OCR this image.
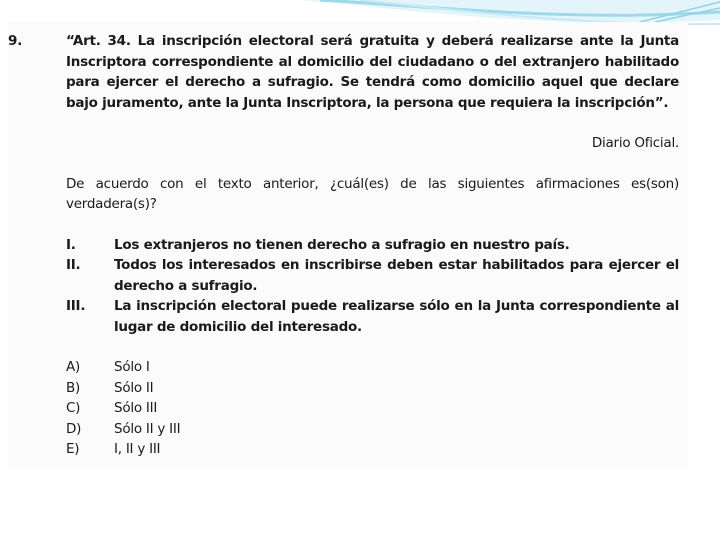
9.	“Art. 34. La inscripción electoral será gratuita y deberá realizarse ante la Junta Inscriptora correspondiente al domicilio del ciudadano o del extranjero habilitado para ejercer el derecho a sufragio. Se tendrá como domicilio aquel que declare bajo juramento, ante la Junta Inscriptora, la persona que requiera la inscripción”.
Diario Oficial.
De acuerdo con el texto anterior, ¿cuál(es) de las siguientes afirmaciones es(son) verdadera(s)?
I.	Los extranjeros no tienen derecho a sufragio en nuestro país.
II.	Todos los interesados en inscribirse deben estar habilitados para ejercer el derecho a sufragio.
III.	La inscripción electoral puede realizarse sólo en la Junta correspondiente al lugar de domicilio del interesado.
A)	Sólo I
B)	Sólo II
C)	Sólo III
D)	Sólo II y III
E)	I, II y III
